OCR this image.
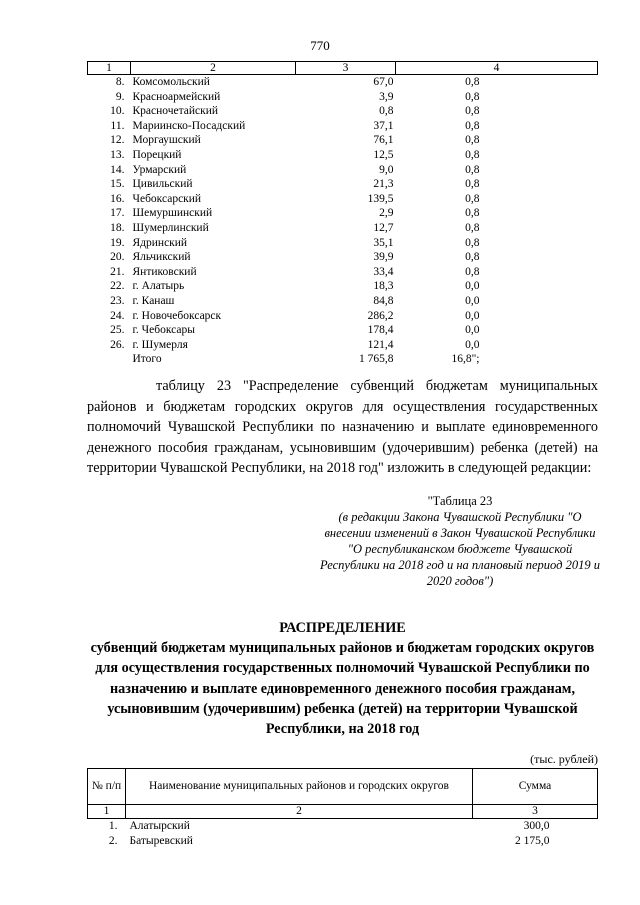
770
1	2	3	4
8.	Комсомольский	67,0	0,8
9.	Красноармейский	3,9	0,8
10.	Красночетайский	0,8	0,8
11.	Мариинско-Посадский	37,1	0,8
12.	Моргаушский	76,1	0,8
13.	Порецкий	12,5	0,8
14.	Урмарский	9,0	0,8
15.	Цивильский	21,3	0,8
16.	Чебоксарский	139,5	0,8
17.	Шемуршинский	2,9	0,8
18.	Шумерлинский	12,7	0,8
19.	Ядринский	35,1	0,8
20.	Яльчикский	39,9	0,8
21.	Янтиковский	33,4	0,8
22.	г. Алатырь	18,3	0,0
23.	г. Канаш	84,8	0,0
24.	г. Новочебоксарск	286,2	0,0
25.	г. Чебоксары	178,4	0,0
26.	г. Шумерля	121,4	0,0
	Итого	1 765,8	16,8";

таблицу 23 "Распределение субвенций бюджетам муниципальных районов и бюджетам городских округов для осуществления государственных полномочий Чувашской Республики по назначению и выплате единовременного денежного пособия гражданам, усыновившим (удочерившим) ребенка (детей) на территории Чувашской Республики, на 2018 год" изложить в следующей редакции:

"Таблица 23
(в редакции Закона Чувашской Республики "О внесении изменений в Закон Чувашской Республики "О республиканском бюджете Чувашской Республики на 2018 год и на плановый период 2019 и 2020 годов")
РАСПРЕДЕЛЕНИЕ
субвенций бюджетам муниципальных районов и бюджетам городских округов для осуществления государственных полномочий Чувашской Республики по назначению и выплате единовременного денежного пособия гражданам, усыновившим (удочерившим) ребенка (детей) на территории Чувашской Республики, на 2018 год
(тыс. рублей)
№ п/п	Наименование муниципальных районов и городских округов	Сумма
1	2	3
1.	Алатырский	300,0
2.	Батыревский	2 175,0
